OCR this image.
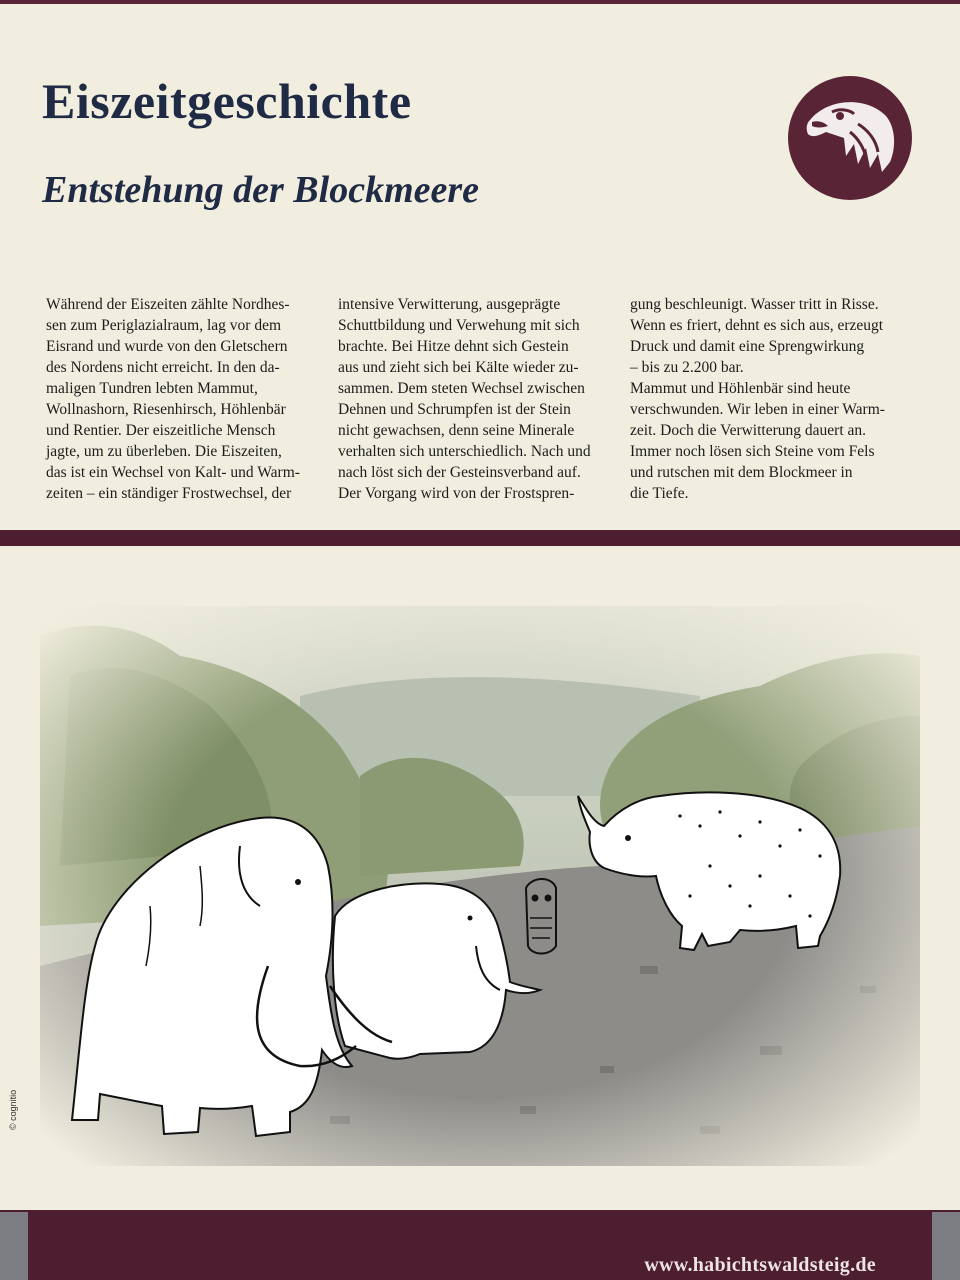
Eiszeitgeschichte
Entstehung der Blockmeere
Während der Eiszeiten zählte Nordhes-
sen zum Periglazialraum, lag vor dem
Eisrand und wurde von den Gletschern
des Nordens nicht erreicht. In den da-
maligen Tundren lebten Mammut,
Wollnashorn, Riesenhirsch, Höhlenbär
und Rentier. Der eiszeitliche Mensch
jagte, um zu überleben. Die Eiszeiten,
das ist ein Wechsel von Kalt- und Warm-
zeiten – ein ständiger Frostwechsel, der
intensive Verwitterung, ausgeprägte
Schuttbildung und Verwehung mit sich
brachte. Bei Hitze dehnt sich Gestein
aus und zieht sich bei Kälte wieder zu-
sammen. Dem steten Wechsel zwischen
Dehnen und Schrumpfen ist der Stein
nicht gewachsen, denn seine Minerale
verhalten sich unterschiedlich. Nach und
nach löst sich der Gesteinsverband auf.
Der Vorgang wird von der Frostspren-
gung beschleunigt. Wasser tritt in Risse.
Wenn es friert, dehnt es sich aus, erzeugt
Druck und damit eine Sprengwirkung
– bis zu 2.200 bar.
Mammut und Höhlenbär sind heute
verschwunden. Wir leben in einer Warm-
zeit. Doch die Verwitterung dauert an.
Immer noch lösen sich Steine vom Fels
und rutschen mit dem Blockmeer in
die Tiefe.
© cognitio
www.habichtswaldsteig.de
